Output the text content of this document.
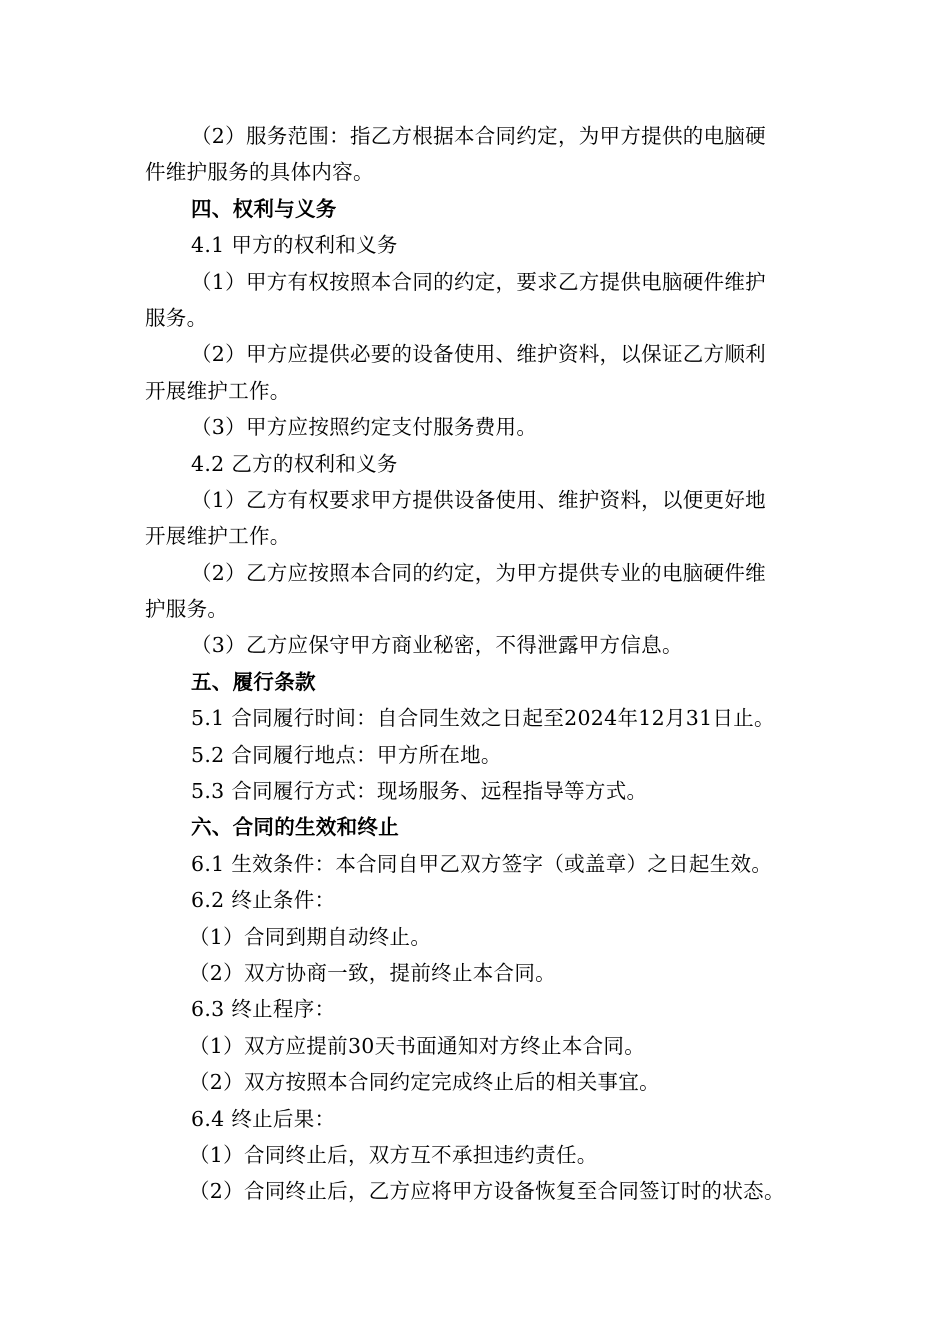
（2）服务范围：指乙方根据本合同约定，为甲方提供的电脑硬
件维护服务的具体内容。
四、权利与义务
4.1 甲方的权利和义务
（1）甲方有权按照本合同的约定，要求乙方提供电脑硬件维护
服务。
（2）甲方应提供必要的设备使用、维护资料，以保证乙方顺利
开展维护工作。
（3）甲方应按照约定支付服务费用。
4.2 乙方的权利和义务
（1）乙方有权要求甲方提供设备使用、维护资料，以便更好地
开展维护工作。
（2）乙方应按照本合同的约定，为甲方提供专业的电脑硬件维
护服务。
（3）乙方应保守甲方商业秘密，不得泄露甲方信息。
五、履行条款
5.1 合同履行时间：自合同生效之日起至2024年12月31日止。
5.2 合同履行地点：甲方所在地。
5.3 合同履行方式：现场服务、远程指导等方式。
六、合同的生效和终止
6.1 生效条件：本合同自甲乙双方签字（或盖章）之日起生效。
6.2 终止条件：
（1）合同到期自动终止。
（2）双方协商一致，提前终止本合同。
6.3 终止程序：
（1）双方应提前30天书面通知对方终止本合同。
（2）双方按照本合同约定完成终止后的相关事宜。
6.4 终止后果：
（1）合同终止后，双方互不承担违约责任。
（2）合同终止后，乙方应将甲方设备恢复至合同签订时的状态。
